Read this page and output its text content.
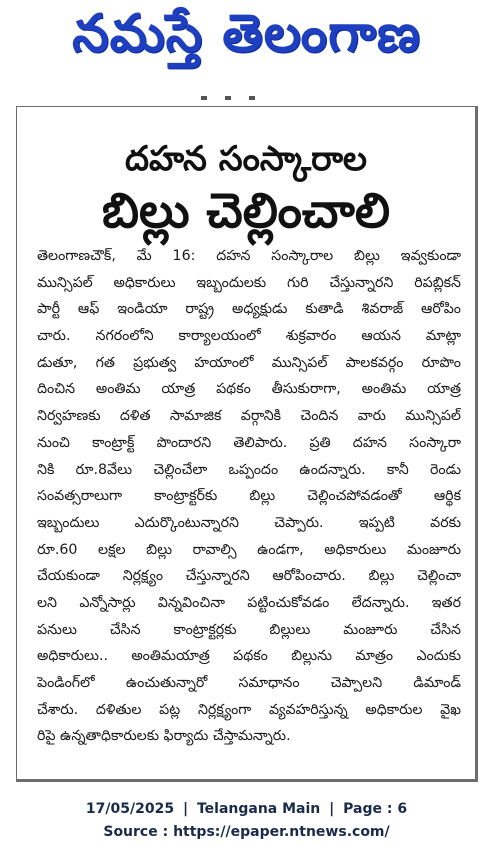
నమస్తే తెలంగాణ
దహన సంస్కారాల
బిల్లు చెల్లించాలి
తెలంగాణచౌక్, మే 16: దహన సంస్కారాల బిల్లు ఇవ్వకుండా
మున్సిపల్ అధికారులు ఇబ్బందులకు గురి చేస్తున్నారని రిపబ్లికన్
పార్టీ ఆఫ్ ఇండియా రాష్ట్ర అధ్యక్షుడు కుతాడి శివరాజ్ ఆరోపిం
చారు. నగరంలోని కార్యాలయంలో శుక్రవారం ఆయన మాట్లా
డుతూ, గత ప్రభుత్వ హయాంలో మున్సిపల్ పాలకవర్గం రూపొం
దించిన అంతిమ యాత్ర పథకం తీసుకురాగా, అంతిమ యాత్ర
నిర్వహణకు దళిత సామాజిక వర్గానికి చెందిన వారు మున్సిపల్
నుంచి కాంట్రాక్ట్ పొందారని తెలిపారు. ప్రతి దహన సంస్కారా
నికి రూ.8వేలు చెల్లించేలా ఒప్పందం ఉందన్నారు. కానీ రెండు
సంవత్సరాలుగా కాంట్రాక్టర్‌కు బిల్లు చెల్లించపోవడంతో ఆర్థిక
ఇబ్బందులు ఎదుర్కొంటున్నారని చెప్పారు. ఇప్పటి వరకు
రూ.60 లక్షల బిల్లు రావాల్సి ఉండగా, అధికారులు మంజూరు
చేయకుండా నిర్లక్ష్యం చేస్తున్నారని ఆరోపించారు. బిల్లు చెల్లించా
లని ఎన్నోసార్లు విన్నవించినా పట్టించుకోవడం లేదన్నారు. ఇతర
పనులు చేసిన కాంట్రాక్టర్లకు బిల్లులు మంజూరు చేసిన
అధికారులు.. అంతిమయాత్ర పథకం బిల్లును మాత్రం ఎందుకు
పెండింగ్‌లో ఉంచుతున్నారో సమాధానం చెప్పాలని డిమాండ్
చేశారు. దళితుల పట్ల నిర్లక్ష్యంగా వ్యవహరిస్తున్న అధికారుల వైఖ
రిపై ఉన్నతాధికారులకు ఫిర్యాదు చేస్తామన్నారు.
17/05/2025 | Telangana Main | Page : 6
Source : https://epaper.ntnews.com/
